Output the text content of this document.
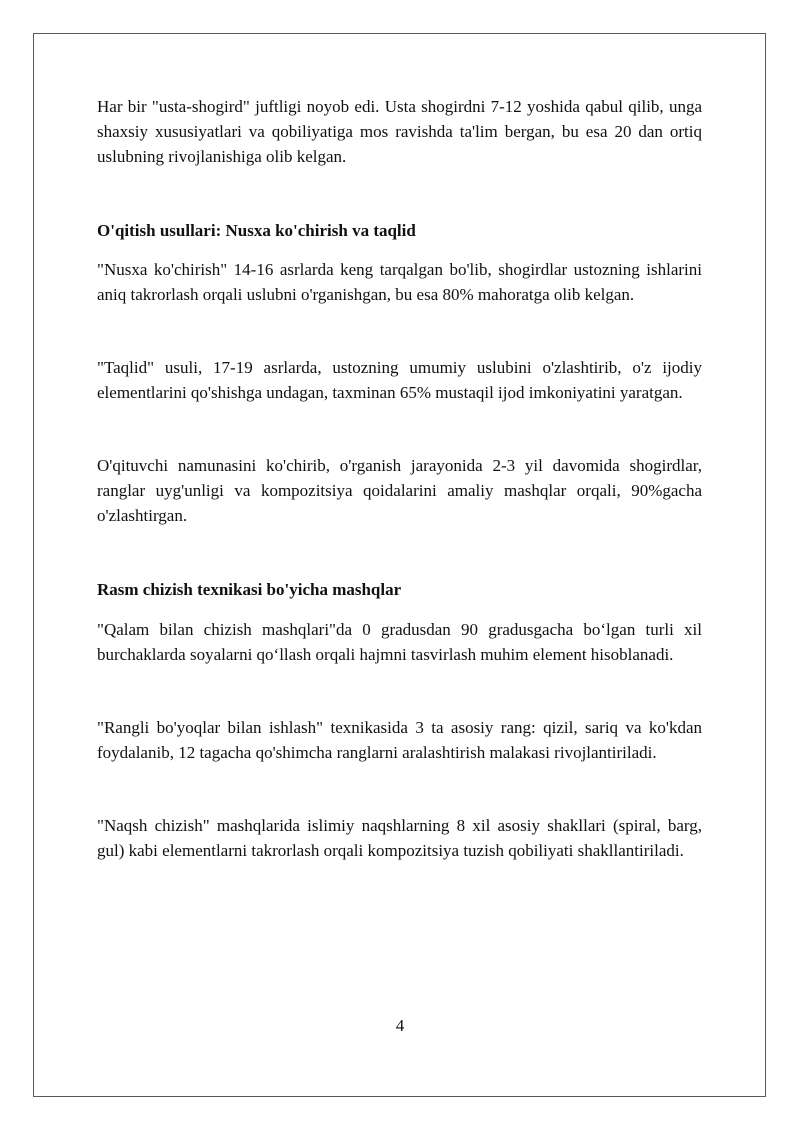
Har bir "usta-shogird" juftligi noyob edi. Usta shogirdni 7-12 yoshida qabul qilib, unga shaxsiy xususiyatlari va qobiliyatiga mos ravishda ta'lim bergan, bu esa 20 dan ortiq uslubning rivojlanishiga olib kelgan.

O'qitish usullari: Nusxa ko'chirish va taqlid

"Nusxa ko'chirish" 14-16 asrlarda keng tarqalgan bo'lib, shogirdlar ustozning ishlarini aniq takrorlash orqali uslubni o'rganishgan, bu esa 80% mahoratga olib kelgan.

"Taqlid" usuli, 17-19 asrlarda, ustozning umumiy uslubini o'zlashtirib, o'z ijodiy elementlarini qo'shishga undagan, taxminan 65% mustaqil ijod imkoniyatini yaratgan.

O'qituvchi namunasini ko'chirib, o'rganish jarayonida 2-3 yil davomida shogirdlar, ranglar uyg'unligi va kompozitsiya qoidalarini amaliy mashqlar orqali, 90%gacha o'zlashtirgan.

Rasm chizish texnikasi bo'yicha mashqlar

"Qalam bilan chizish mashqlari"da 0 gradusdan 90 gradusgacha bo‘lgan turli xil burchaklarda soyalarni qo‘llash orqali hajmni tasvirlash muhim element hisoblanadi.

"Rangli bo'yoqlar bilan ishlash" texnikasida 3 ta asosiy rang: qizil, sariq va ko'kdan foydalanib, 12 tagacha qo'shimcha ranglarni aralashtirish malakasi rivojlantiriladi.

"Naqsh chizish" mashqlarida islimiy naqshlarning 8 xil asosiy shakllari (spiral, barg, gul) kabi elementlarni takrorlash orqali kompozitsiya tuzish qobiliyati shakllantiriladi.

4
